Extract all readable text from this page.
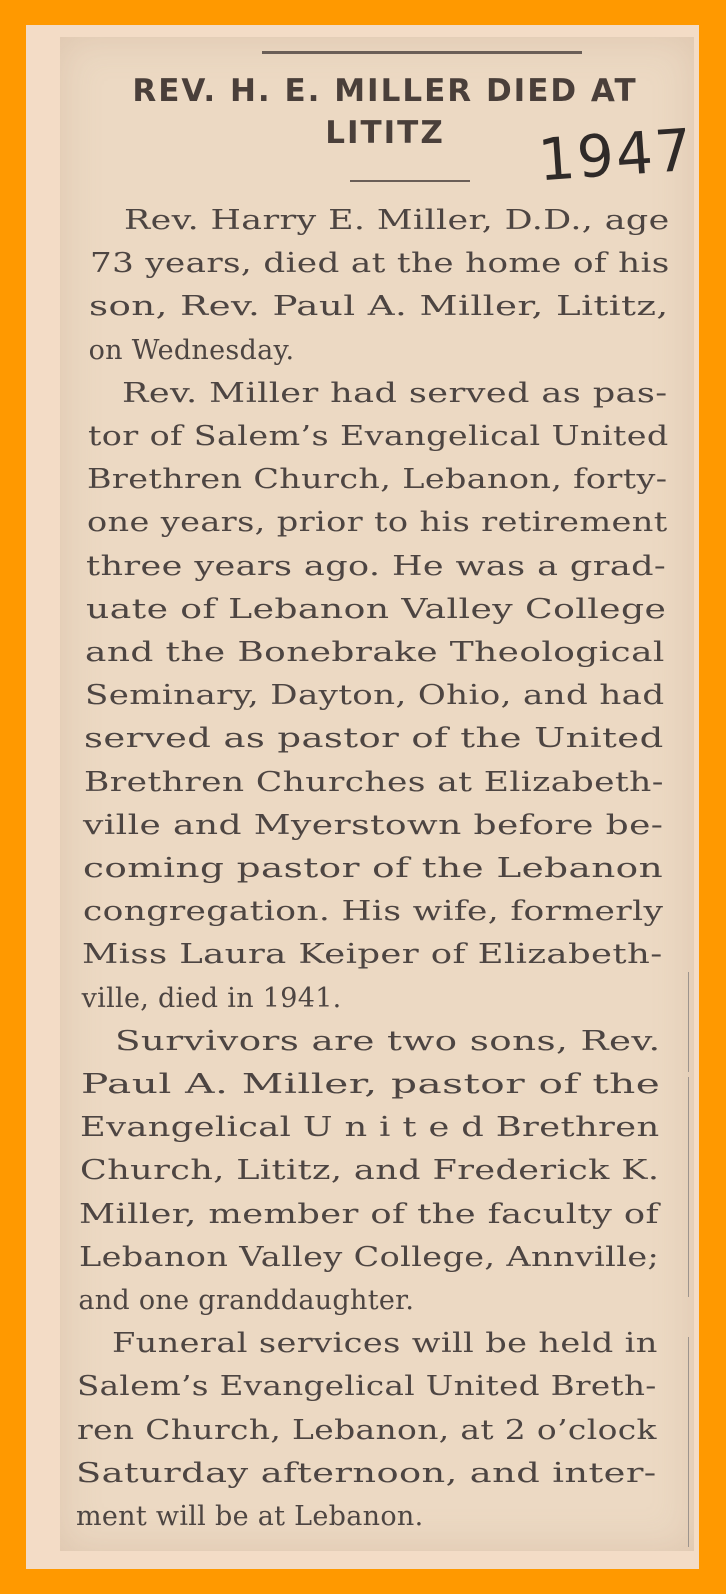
REV. H. E. MILLER DIED AT
LITITZ	1947

Rev. Harry E. Miller, D.D., age

73 years, died at the home of his

son, Rev. Paul A. Miller, Lititz,

on Wednesday.

Rev. Miller had served as pas-

tor of Salem’s Evangelical United

Brethren Church, Lebanon, forty-

one years, prior to his retirement

three years ago. He was a grad-

uate of Lebanon Valley College

and the Bonebrake Theological

Seminary, Dayton, Ohio, and had

served as pastor of the United

Brethren Churches at Elizabeth-

ville and Myerstown before be-

coming pastor of the Lebanon

congregation. His wife, formerly

Miss Laura Keiper of Elizabeth-

ville, died in 1941.

Survivors are two sons, Rev.

Paul A. Miller, pastor of the

Evangelical U n i t e d Brethren

Church, Lititz, and Frederick K.

Miller, member of the faculty of

Lebanon Valley College, Annville;

and one granddaughter.

Funeral services will be held in

Salem’s Evangelical United Breth-

ren Church, Lebanon, at 2 o’clock

Saturday afternoon, and inter-

ment will be at Lebanon.
